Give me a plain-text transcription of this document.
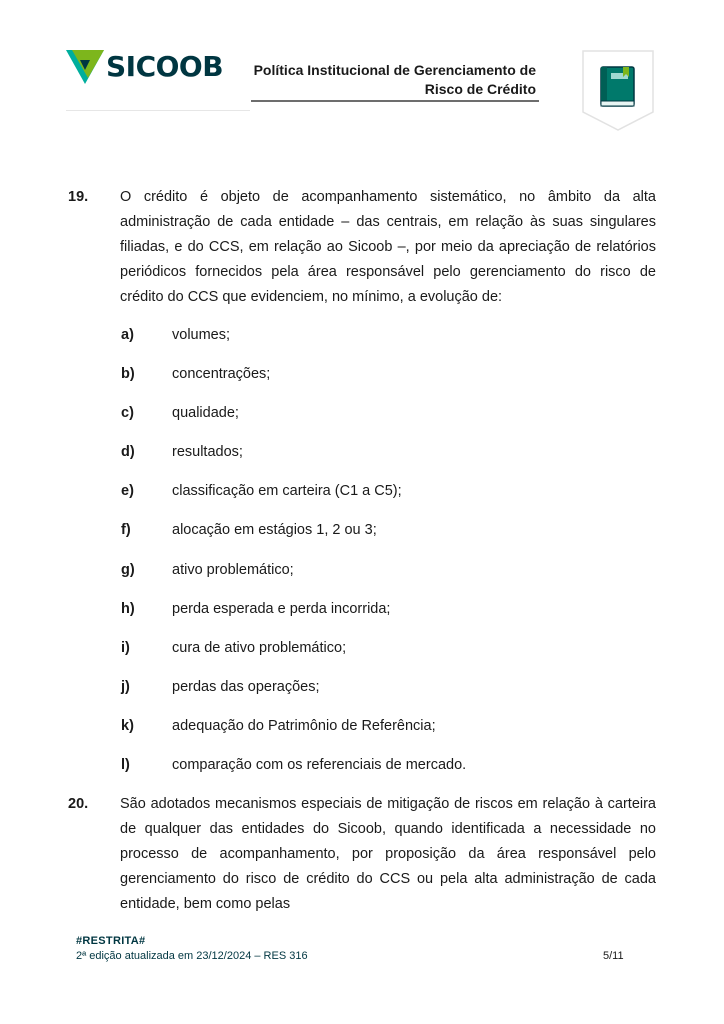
SICOOB Política Institucional de Gerenciamento de
Risco de Crédito
19. O crédito é objeto de acompanhamento sistemático, no âmbito da alta administração de cada entidade – das centrais, em relação às suas singulares filiadas, e do CCS, em relação ao Sicoob –, por meio da apreciação de relatórios periódicos fornecidos pela área responsável pelo gerenciamento do risco de crédito do CCS que evidenciem, no mínimo, a evolução de:
a)	volumes;
b)	concentrações;
c)	qualidade;
d)	resultados;
e)	classificação em carteira (C1 a C5);
f)	alocação em estágios 1, 2 ou 3;
g)	ativo problemático;
h)	perda esperada e perda incorrida;
i)	cura de ativo problemático;
j)	perdas das operações;
k)	adequação do Patrimônio de Referência;
l)	comparação com os referenciais de mercado.
20. São adotados mecanismos especiais de mitigação de riscos em relação à carteira de qualquer das entidades do Sicoob, quando identificada a necessidade no processo de acompanhamento, por proposição da área responsável pelo gerenciamento do risco de crédito do CCS ou pela alta administração de cada entidade, bem como pelas
#RESTRITA#
2ª edição atualizada em 23/12/2024 – RES 316	5/11
